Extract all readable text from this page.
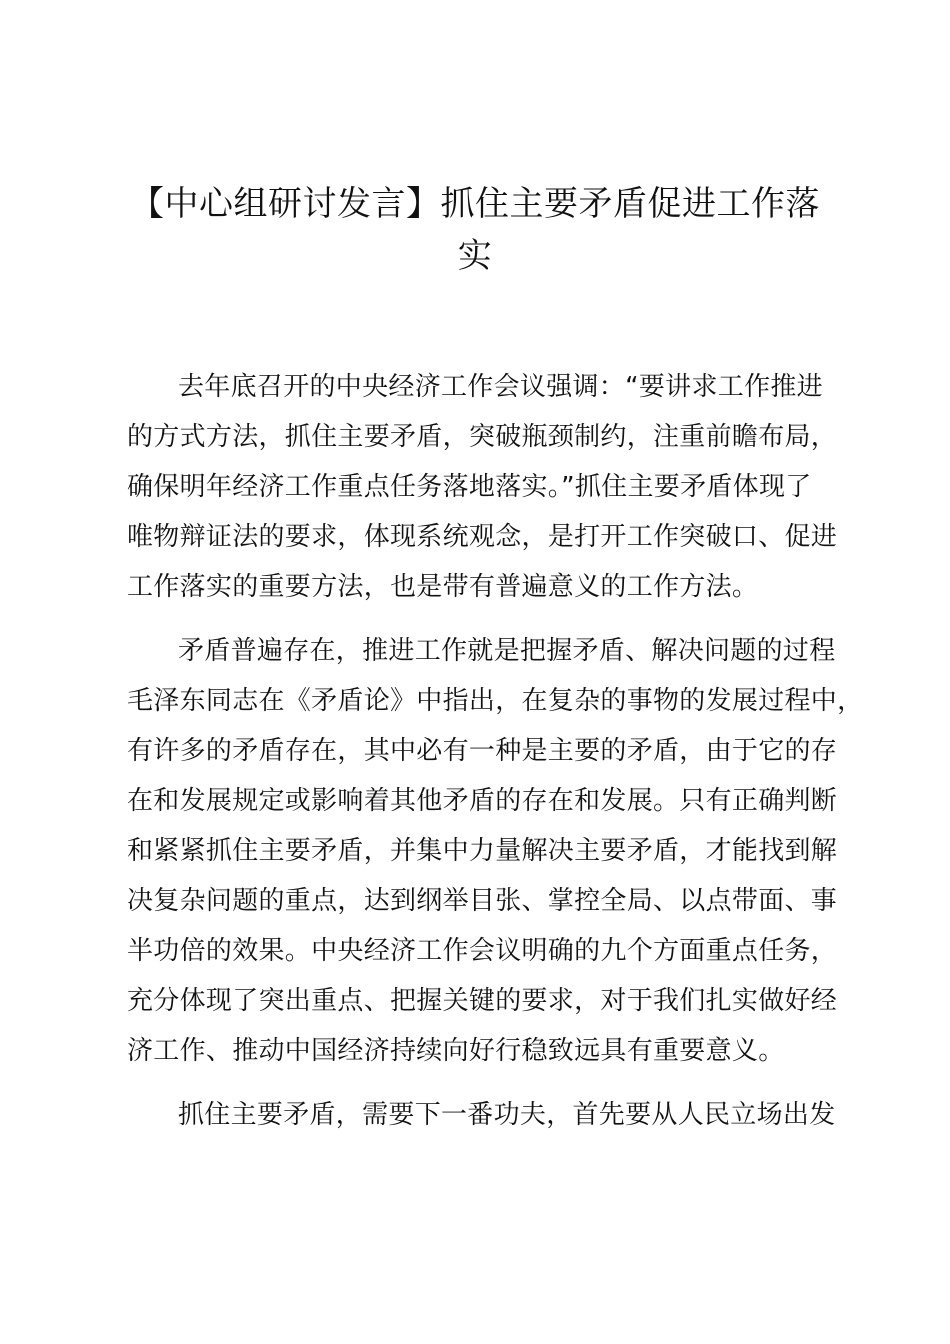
【中心组研讨发言】抓住主要矛盾促进工作落
实

去年底召开的中央经济工作会议强调：“要讲求工作推进

的方式方法，抓住主要矛盾，突破瓶颈制约，注重前瞻布局，

确保明年经济工作重点任务落地落实。”抓住主要矛盾体现了

唯物辩证法的要求，体现系统观念，是打开工作突破口、促进

工作落实的重要方法，也是带有普遍意义的工作方法。

矛盾普遍存在，推进工作就是把握矛盾、解决问题的过程

毛泽东同志在《矛盾论》中指出，在复杂的事物的发展过程中，

有许多的矛盾存在，其中必有一种是主要的矛盾，由于它的存

在和发展规定或影响着其他矛盾的存在和发展。只有正确判断

和紧紧抓住主要矛盾，并集中力量解决主要矛盾，才能找到解

决复杂问题的重点，达到纲举目张、掌控全局、以点带面、事

半功倍的效果。中央经济工作会议明确的九个方面重点任务，

充分体现了突出重点、把握关键的要求，对于我们扎实做好经

济工作、推动中国经济持续向好行稳致远具有重要意义。

抓住主要矛盾，需要下一番功夫，首先要从人民立场出发
